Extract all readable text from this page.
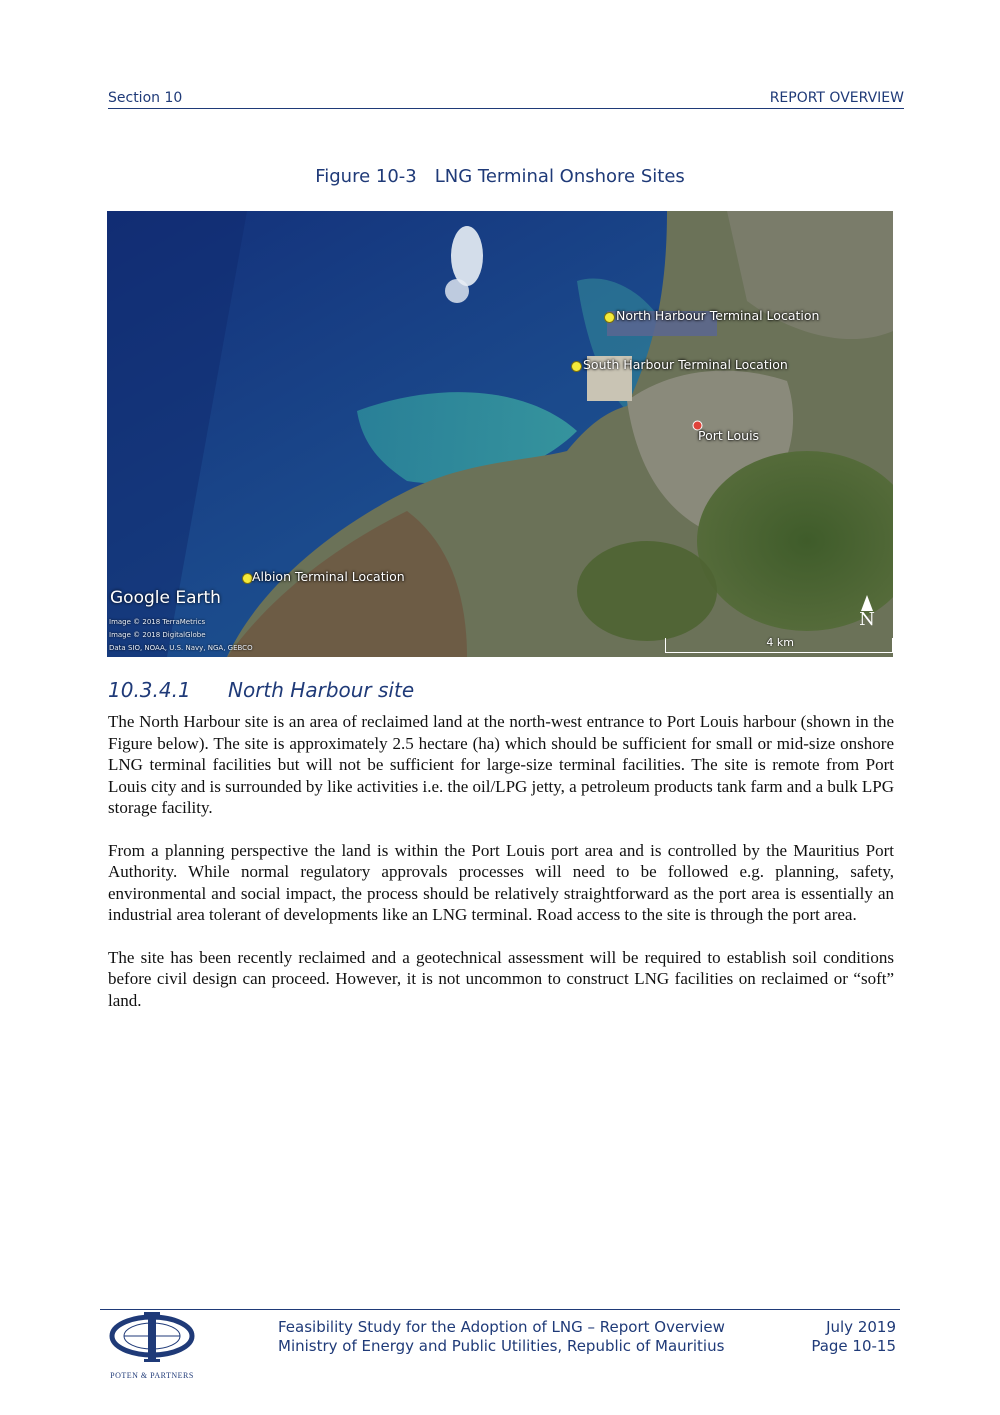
Section 10	REPORT OVERVIEW
Figure 10-3 LNG Terminal Onshore Sites
North Harbour Terminal Location
South Harbour Terminal Location
Port Louis
Albion Terminal Location
Google Earth
Image © 2018 TerraMetrics
Image © 2018 DigitalGlobe
Data SIO, NOAA, U.S. Navy, NGA, GEBCO	4 km
N
10.3.4.1 North Harbour site

The North Harbour site is an area of reclaimed land at the north-west entrance to Port Louis harbour (shown in the Figure below). The site is approximately 2.5 hectare (ha) which should be sufficient for small or mid-size onshore LNG terminal facilities but will not be sufficient for large-size terminal facilities. The site is remote from Port Louis city and is surrounded by like activities i.e. the oil/LPG jetty, a petroleum products tank farm and a bulk LPG storage facility.

From a planning perspective the land is within the Port Louis port area and is controlled by the Mauritius Port Authority. While normal regulatory approvals processes will need to be followed e.g. planning, safety, environmental and social impact, the process should be relatively straightforward as the port area is essentially an industrial area tolerant of developments like an LNG terminal. Road access to the site is through the port area.

The site has been recently reclaimed and a geotechnical assessment will be required to establish soil conditions before civil design can proceed. However, it is not uncommon to construct LNG facilities on reclaimed or “soft” land.

POTEN & PARTNERS
Feasibility Study for the Adoption of LNG – Report Overview
Ministry of Energy and Public Utilities, Republic of Mauritius
July 2019
Page 10-15
